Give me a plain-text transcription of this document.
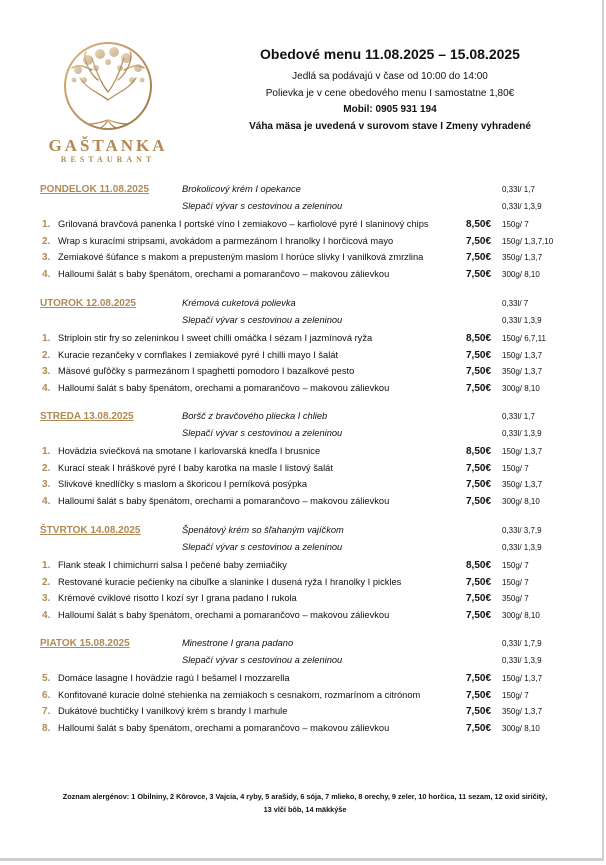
GAŠTANKA
RESTAURANT
Obedové menu 11.08.2025 – 15.08.2025
Jedlá sa podávajú v čase od 10:00 do 14:00
Polievka je v cene obedového menu I samostatne 1,80€
Mobil: 0905 931 194
Váha mäsa je uvedená v surovom stave I Zmeny vyhradené
PONDELOK 11.08.2025	Brokolicový krém I opekance	0,33l/ 1,7
Slepačí vývar s cestovinou a zeleninou	0,33l/ 1,3,9
1. Grilovaná bravčová panenka I portské víno I zemiakovo – karfiolové pyré I slaninový chips	8,50€ 150g/ 7
2. Wrap s kuracími stripsami, avokádom a parmezánom I hranolky I horčicová mayo	7,50€ 150g/ 1,3,7,10
3. Zemiakové šúfance s makom a prepusteným maslom I horúce slivky I vanilková zmrzlina	7,50€ 350g/ 1,3,7
4. Halloumi šalát s baby špenátom, orechami a pomarančovo – makovou zálievkou	7,50€ 300g/ 8,10
UTOROK 12.08.2025	Krémová cuketová polievka	0,33l/ 7
Slepačí vývar s cestovinou a zeleninou	0,33l/ 1,3,9
1. Striploin stir fry so zeleninkou I sweet chilli omáčka I sézam I jazmínová ryža	8,50€ 150g/ 6,7,11
2. Kuracie rezančeky v cornflakes I zemiakové pyré I chilli mayo I šalát	7,50€ 150g/ 1,3,7
3. Mäsové guľôčky s parmezánom I spaghetti pomodoro I bazalkové pesto	7,50€ 350g/ 1,3,7
4. Halloumi šalát s baby špenátom, orechami a pomarančovo – makovou zálievkou	7,50€ 300g/ 8,10
STREDA 13.08.2025	Boršč z bravčového pliecka I chlieb	0,33l/ 1,7
Slepačí vývar s cestovinou a zeleninou	0,33l/ 1,3,9
1. Hovädzia sviečková na smotane I karlovarská knedľa I brusnice	8,50€ 150g/ 1,3,7
2. Kurací steak I hráškové pyré I baby karotka na masle I listový šalát	7,50€ 150g/ 7
3. Slivkové knedlíčky s maslom a škoricou I perníková posýpka	7,50€ 350g/ 1,3,7
4. Halloumi šalát s baby špenátom, orechami a pomarančovo – makovou zálievkou	7,50€ 300g/ 8,10
ŠTVRTOK 14.08.2025	Špenátový krém so šľahaným vajíčkom	0,33l/ 3,7,9
Slepačí vývar s cestovinou a zeleninou	0,33l/ 1,3,9
1. Flank steak I chimichurri salsa I pečené baby zemiačiky	8,50€ 150g/ 7
2. Restované kuracie pečienky na cibuľke a slaninke I dusená ryža I hranolky I pickles	7,50€ 150g/ 7
3. Krémové cviklové risotto I kozí syr I grana padano I rukola	7,50€ 350g/ 7
4. Halloumi šalát s baby špenátom, orechami a pomarančovo – makovou zálievkou	7,50€ 300g/ 8,10
PIATOK 15.08.2025	Minestrone I grana padano	0,33l/ 1,7,9
Slepačí vývar s cestovinou a zeleninou	0,33l/ 1,3,9
5. Domáce lasagne I hovädzie ragú I bešamel I mozzarella	7,50€ 150g/ 1,3,7
6. Konfitované kuracie dolné stehienka na zemiakoch s cesnakom, rozmarínom a citrónom	7,50€ 150g/ 7
7. Dukátové buchtičky I vanilkový krém s brandy I marhule	7,50€ 350g/ 1,3,7
8. Halloumi šalát s baby špenátom, orechami a pomarančovo – makovou zálievkou	7,50€ 300g/ 8,10
Zoznam alergénov: 1 Obilniny, 2 Kôrovce, 3 Vajcia, 4 ryby, 5 arašidy, 6 sója, 7 mlieko, 8 orechy, 9 zeler, 10 horčica, 11 sezam, 12 oxid siričitý,
13 vlčí bôb, 14 mäkkýše
